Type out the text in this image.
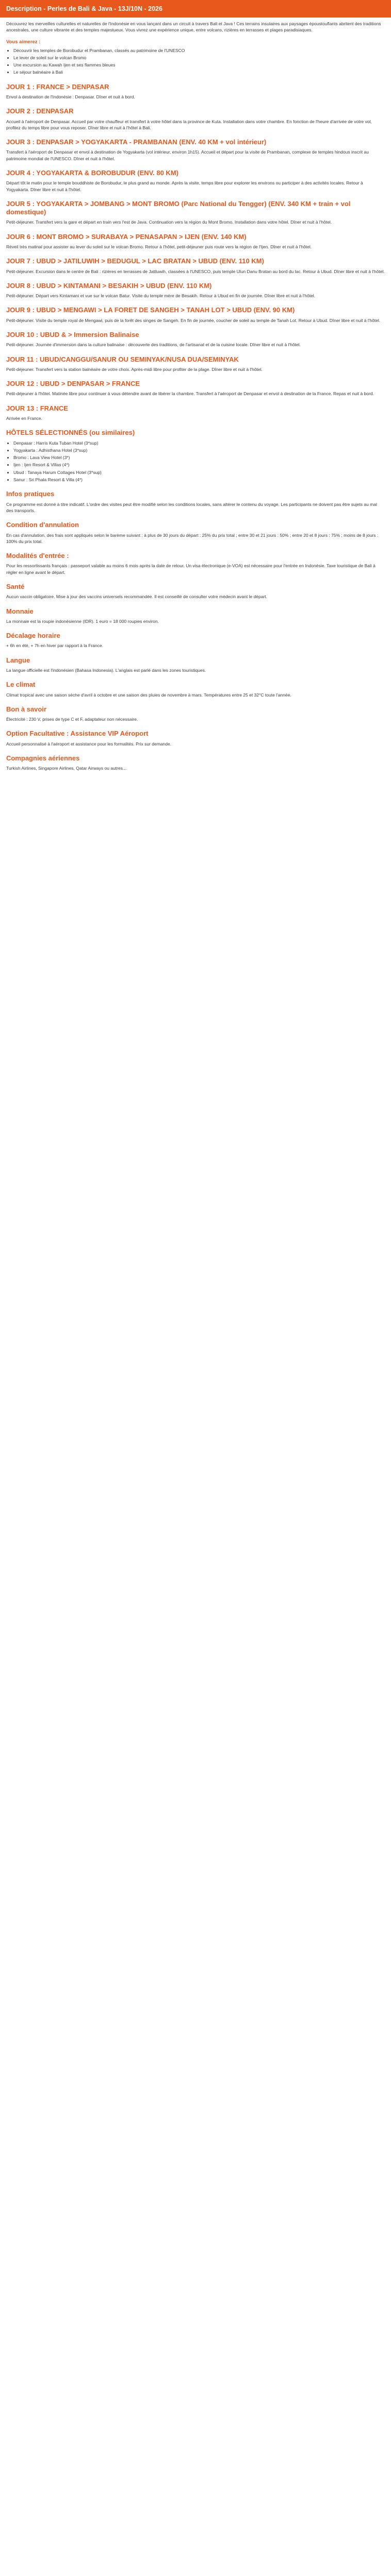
Description - Perles de Bali & Java - 13J/10N - 2026

Découvrez les merveilles culturelles et naturelles de l'Indonésie en vous lançant dans un circuit à travers Bali et Java ! Ces terrains insulaires aux paysages époustouflants abritent des traditions ancestrales, une culture vibrante et des temples majestueux. Vous vivrez une expérience unique, entre volcans, rizières en terrasses et plages paradisiaques.

Vous aimerez :
• Découvrir les temples de Borobudur et Prambanan, classés au patrimoine de l'UNESCO
• Le lever de soleil sur le volcan Bromo
• Une excursion au Kawah Ijen et ses flammes bleues
• Le séjour balnéaire à Bali
JOUR 1 : FRANCE > DENPASAR

Envol à destination de l'Indonésie : Denpasar. Dîner et nuit à bord.

JOUR 2 : DENPASAR

Accueil à l'aéroport de Denpasar. Accueil par votre chauffeur et transfert à votre hôtel dans la province de Kuta. Installation dans votre chambre. En fonction de l'heure d'arrivée de votre vol, profitez du temps libre pour vous reposer. Dîner libre et nuit à l'hôtel à Bali.

JOUR 3 : DENPASAR > YOGYAKARTA - PRAMBANAN (ENV. 40 KM + vol intérieur)

Transfert à l'aéroport de Denpasar et envol à destination de Yogyakarta (vol intérieur, environ 1h15). Accueil et départ pour la visite de Prambanan, complexe de temples hindous inscrit au patrimoine mondial de l'UNESCO. Dîner et nuit à l'hôtel.

JOUR 4 : YOGYAKARTA & BOROBUDUR (ENV. 80 KM)

Départ tôt le matin pour le temple bouddhiste de Borobudur, le plus grand au monde. Après la visite, temps libre pour explorer les environs ou participer à des activités locales. Retour à Yogyakarta. Dîner libre et nuit à l'hôtel.

JOUR 5 : YOGYAKARTA > JOMBANG > MONT BROMO (Parc National du Tengger) (ENV. 340 KM + train + vol domestique)

Petit-déjeuner. Transfert vers la gare et départ en train vers l'est de Java. Continuation vers la région du Mont Bromo. Installation dans votre hôtel. Dîner et nuit à l'hôtel.

JOUR 6 : MONT BROMO > SURABAYA > PENASAPAN > IJEN (ENV. 140 KM)

Réveil très matinal pour assister au lever du soleil sur le volcan Bromo. Retour à l'hôtel, petit-déjeuner puis route vers la région de l'Ijen. Dîner et nuit à l'hôtel.

JOUR 7 : UBUD > JATILUWIH > BEDUGUL > LAC BRATAN > UBUD (ENV. 110 KM)

Petit-déjeuner. Excursion dans le centre de Bali : rizières en terrasses de Jatiluwih, classées à l'UNESCO, puis temple Ulun Danu Bratan au bord du lac. Retour à Ubud. Dîner libre et nuit à l'hôtel.

JOUR 8 : UBUD > KINTAMANI > BESAKIH > UBUD (ENV. 110 KM)

Petit-déjeuner. Départ vers Kintamani et vue sur le volcan Batur. Visite du temple mère de Besakih. Retour à Ubud en fin de journée. Dîner libre et nuit à l'hôtel.

JOUR 9 : UBUD > MENGAWI > LA FORET DE SANGEH > TANAH LOT > UBUD (ENV. 90 KM)

Petit-déjeuner. Visite du temple royal de Mengawi, puis de la forêt des singes de Sangeh. En fin de journée, coucher de soleil au temple de Tanah Lot. Retour à Ubud. Dîner libre et nuit à l'hôtel.

JOUR 10 : UBUD & > Immersion Balinaise

Petit-déjeuner. Journée d'immersion dans la culture balinaise : découverte des traditions, de l'artisanat et de la cuisine locale. Dîner libre et nuit à l'hôtel.

JOUR 11 : UBUD/CANGGU/SANUR OU SEMINYAK/NUSA DUA/SEMINYAK

Petit-déjeuner. Transfert vers la station balnéaire de votre choix. Après-midi libre pour profiter de la plage. Dîner libre et nuit à l'hôtel.

JOUR 12 : UBUD > DENPASAR > FRANCE

Petit-déjeuner à l'hôtel. Matinée libre pour continuer à vous détendre avant de libérer la chambre. Transfert à l'aéroport de Denpasar et envol à destination de la France. Repas et nuit à bord.

JOUR 13 : FRANCE

Arrivée en France.

HÔTELS SÉLECTIONNÉS (ou similaires)
• Denpasar : Harris Kuta Tuban Hotel (3*sup)
• Yogyakarta : Adhisthana Hotel (3*sup)
• Bromo : Lava View Hotel (3*)
• Ijen : Ijen Resort & Villas (4*)
• Ubud : Tanaya Harum Cottages Hotel (3*sup)
• Sanur : Sri Phala Resort & Villa (4*)
Infos pratiques

Ce programme est donné à titre indicatif. L'ordre des visites peut être modifié selon les conditions locales, sans altérer le contenu du voyage. Les participants ne doivent pas être sujets au mal des transports.

Condition d'annulation

En cas d'annulation, des frais sont appliqués selon le barème suivant : à plus de 30 jours du départ : 25% du prix total ; entre 30 et 21 jours : 50% ; entre 20 et 8 jours : 75% ; moins de 8 jours : 100% du prix total.

Modalités d'entrée :

Pour les ressortissants français : passeport valable au moins 6 mois après la date de retour. Un visa électronique (e-VOA) est nécessaire pour l'entrée en Indonésie. Taxe touristique de Bali à régler en ligne avant le départ.

Santé

Aucun vaccin obligatoire. Mise à jour des vaccins universels recommandée. Il est conseillé de consulter votre médecin avant le départ.

Monnaie

La monnaie est la roupie indonésienne (IDR). 1 euro = 18 000 roupies environ.

Décalage horaire

+ 6h en été, + 7h en hiver par rapport à la France.

Langue

La langue officielle est l'indonésien (Bahasa Indonesia). L'anglais est parlé dans les zones touristiques.

Le climat

Climat tropical avec une saison sèche d'avril à octobre et une saison des pluies de novembre à mars. Températures entre 25 et 32°C toute l'année.

Bon à savoir

Électricité : 230 V, prises de type C et F, adaptateur non nécessaire.

Option Facultative : Assistance VIP Aéroport

Accueil personnalisé à l'aéroport et assistance pour les formalités. Prix sur demande.

Compagnies aériennes

Turkish Airlines, Singapore Airlines, Qatar Airways ou autres...
